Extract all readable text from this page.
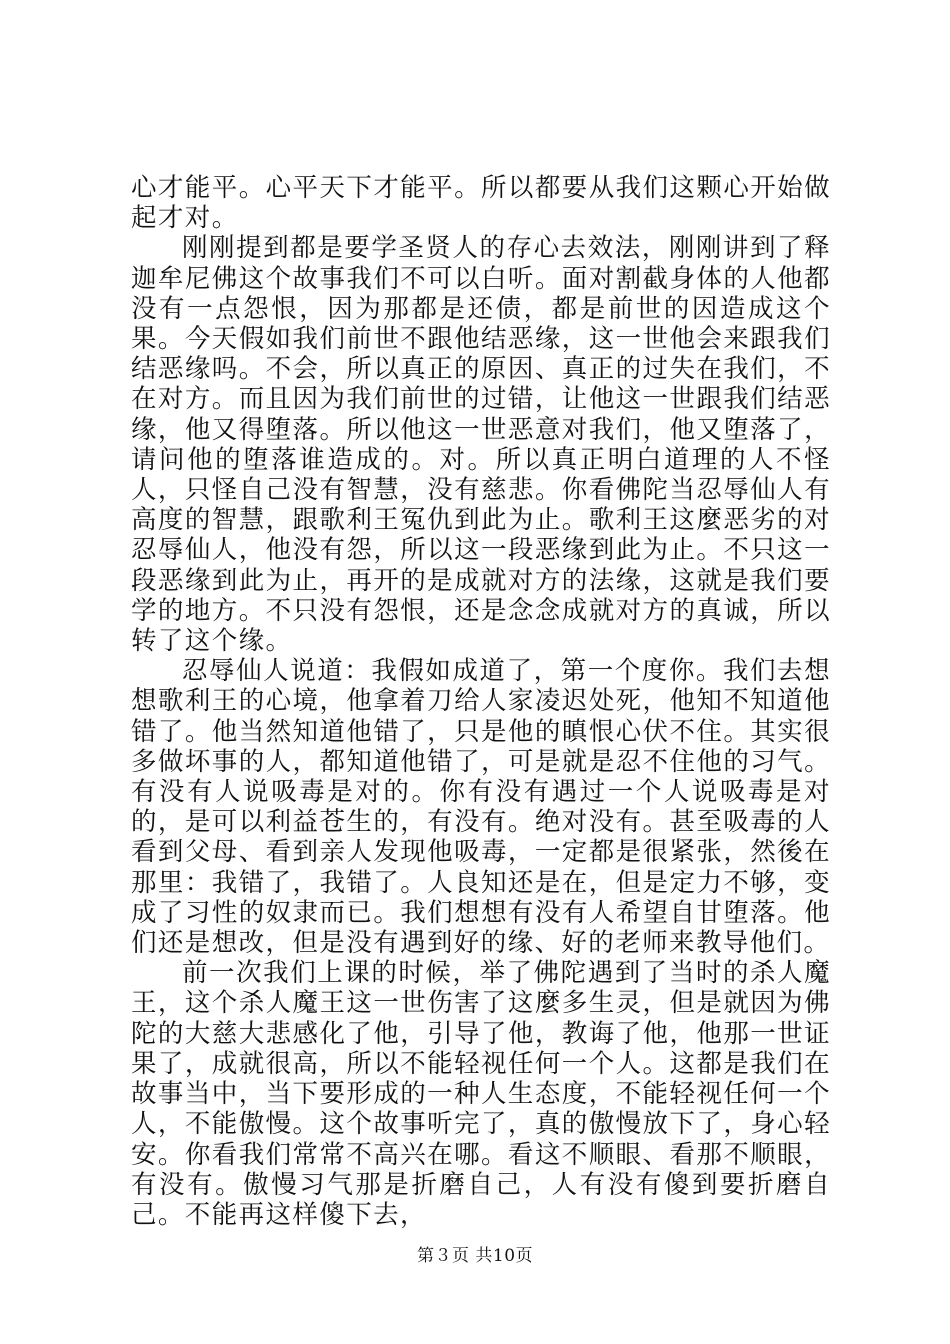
心才能平。心平天下才能平。所以都要从我们这颗心开始做起才对。

刚刚提到都是要学圣贤人的存心去效法，刚刚讲到了释迦牟尼佛这个故事我们不可以白听。面对割截身体的人他都没有一点怨恨，因为那都是还债，都是前世的因造成这个果。今天假如我们前世不跟他结恶缘，这一世他会来跟我们结恶缘吗。不会，所以真正的原因、真正的过失在我们，不在对方。而且因为我们前世的过错，让他这一世跟我们结恶缘，他又得堕落。所以他这一世恶意对我们，他又堕落了，请问他的堕落谁造成的。对。所以真正明白道理的人不怪人，只怪自己没有智慧，没有慈悲。你看佛陀当忍辱仙人有高度的智慧，跟歌利王冤仇到此为止。歌利王这麼恶劣的对忍辱仙人，他没有怨，所以这一段恶缘到此为止。不只这一段恶缘到此为止，再开的是成就对方的法缘，这就是我们要学的地方。不只没有怨恨，还是念念成就对方的真诚，所以转了这个缘。

忍辱仙人说道：我假如成道了，第一个度你。我们去想想歌利王的心境，他拿着刀给人家凌迟处死，他知不知道他错了。他当然知道他错了，只是他的瞋恨心伏不住。其实很多做坏事的人，都知道他错了，可是就是忍不住他的习气。有没有人说吸毒是对的。你有没有遇过一个人说吸毒是对的，是可以利益苍生的，有没有。绝对没有。甚至吸毒的人看到父母、看到亲人发现他吸毒，一定都是很紧张，然後在那里：我错了，我错了。人良知还是在，但是定力不够，变成了习性的奴隶而已。我们想想有没有人希望自甘堕落。他们还是想改，但是没有遇到好的缘、好的老师来教导他们。

前一次我们上课的时候，举了佛陀遇到了当时的杀人魔王，这个杀人魔王这一世伤害了这麼多生灵，但是就因为佛陀的大慈大悲感化了他，引导了他，教诲了他，他那一世证果了，成就很高，所以不能轻视任何一个人。这都是我们在故事当中，当下要形成的一种人生态度，不能轻视任何一个人，不能傲慢。这个故事听完了，真的傲慢放下了，身心轻安。你看我们常常不高兴在哪。看这不顺眼、看那不顺眼，有没有。傲慢习气那是折磨自己，人有没有傻到要折磨自己。不能再这样傻下去，

第３页 共10页
